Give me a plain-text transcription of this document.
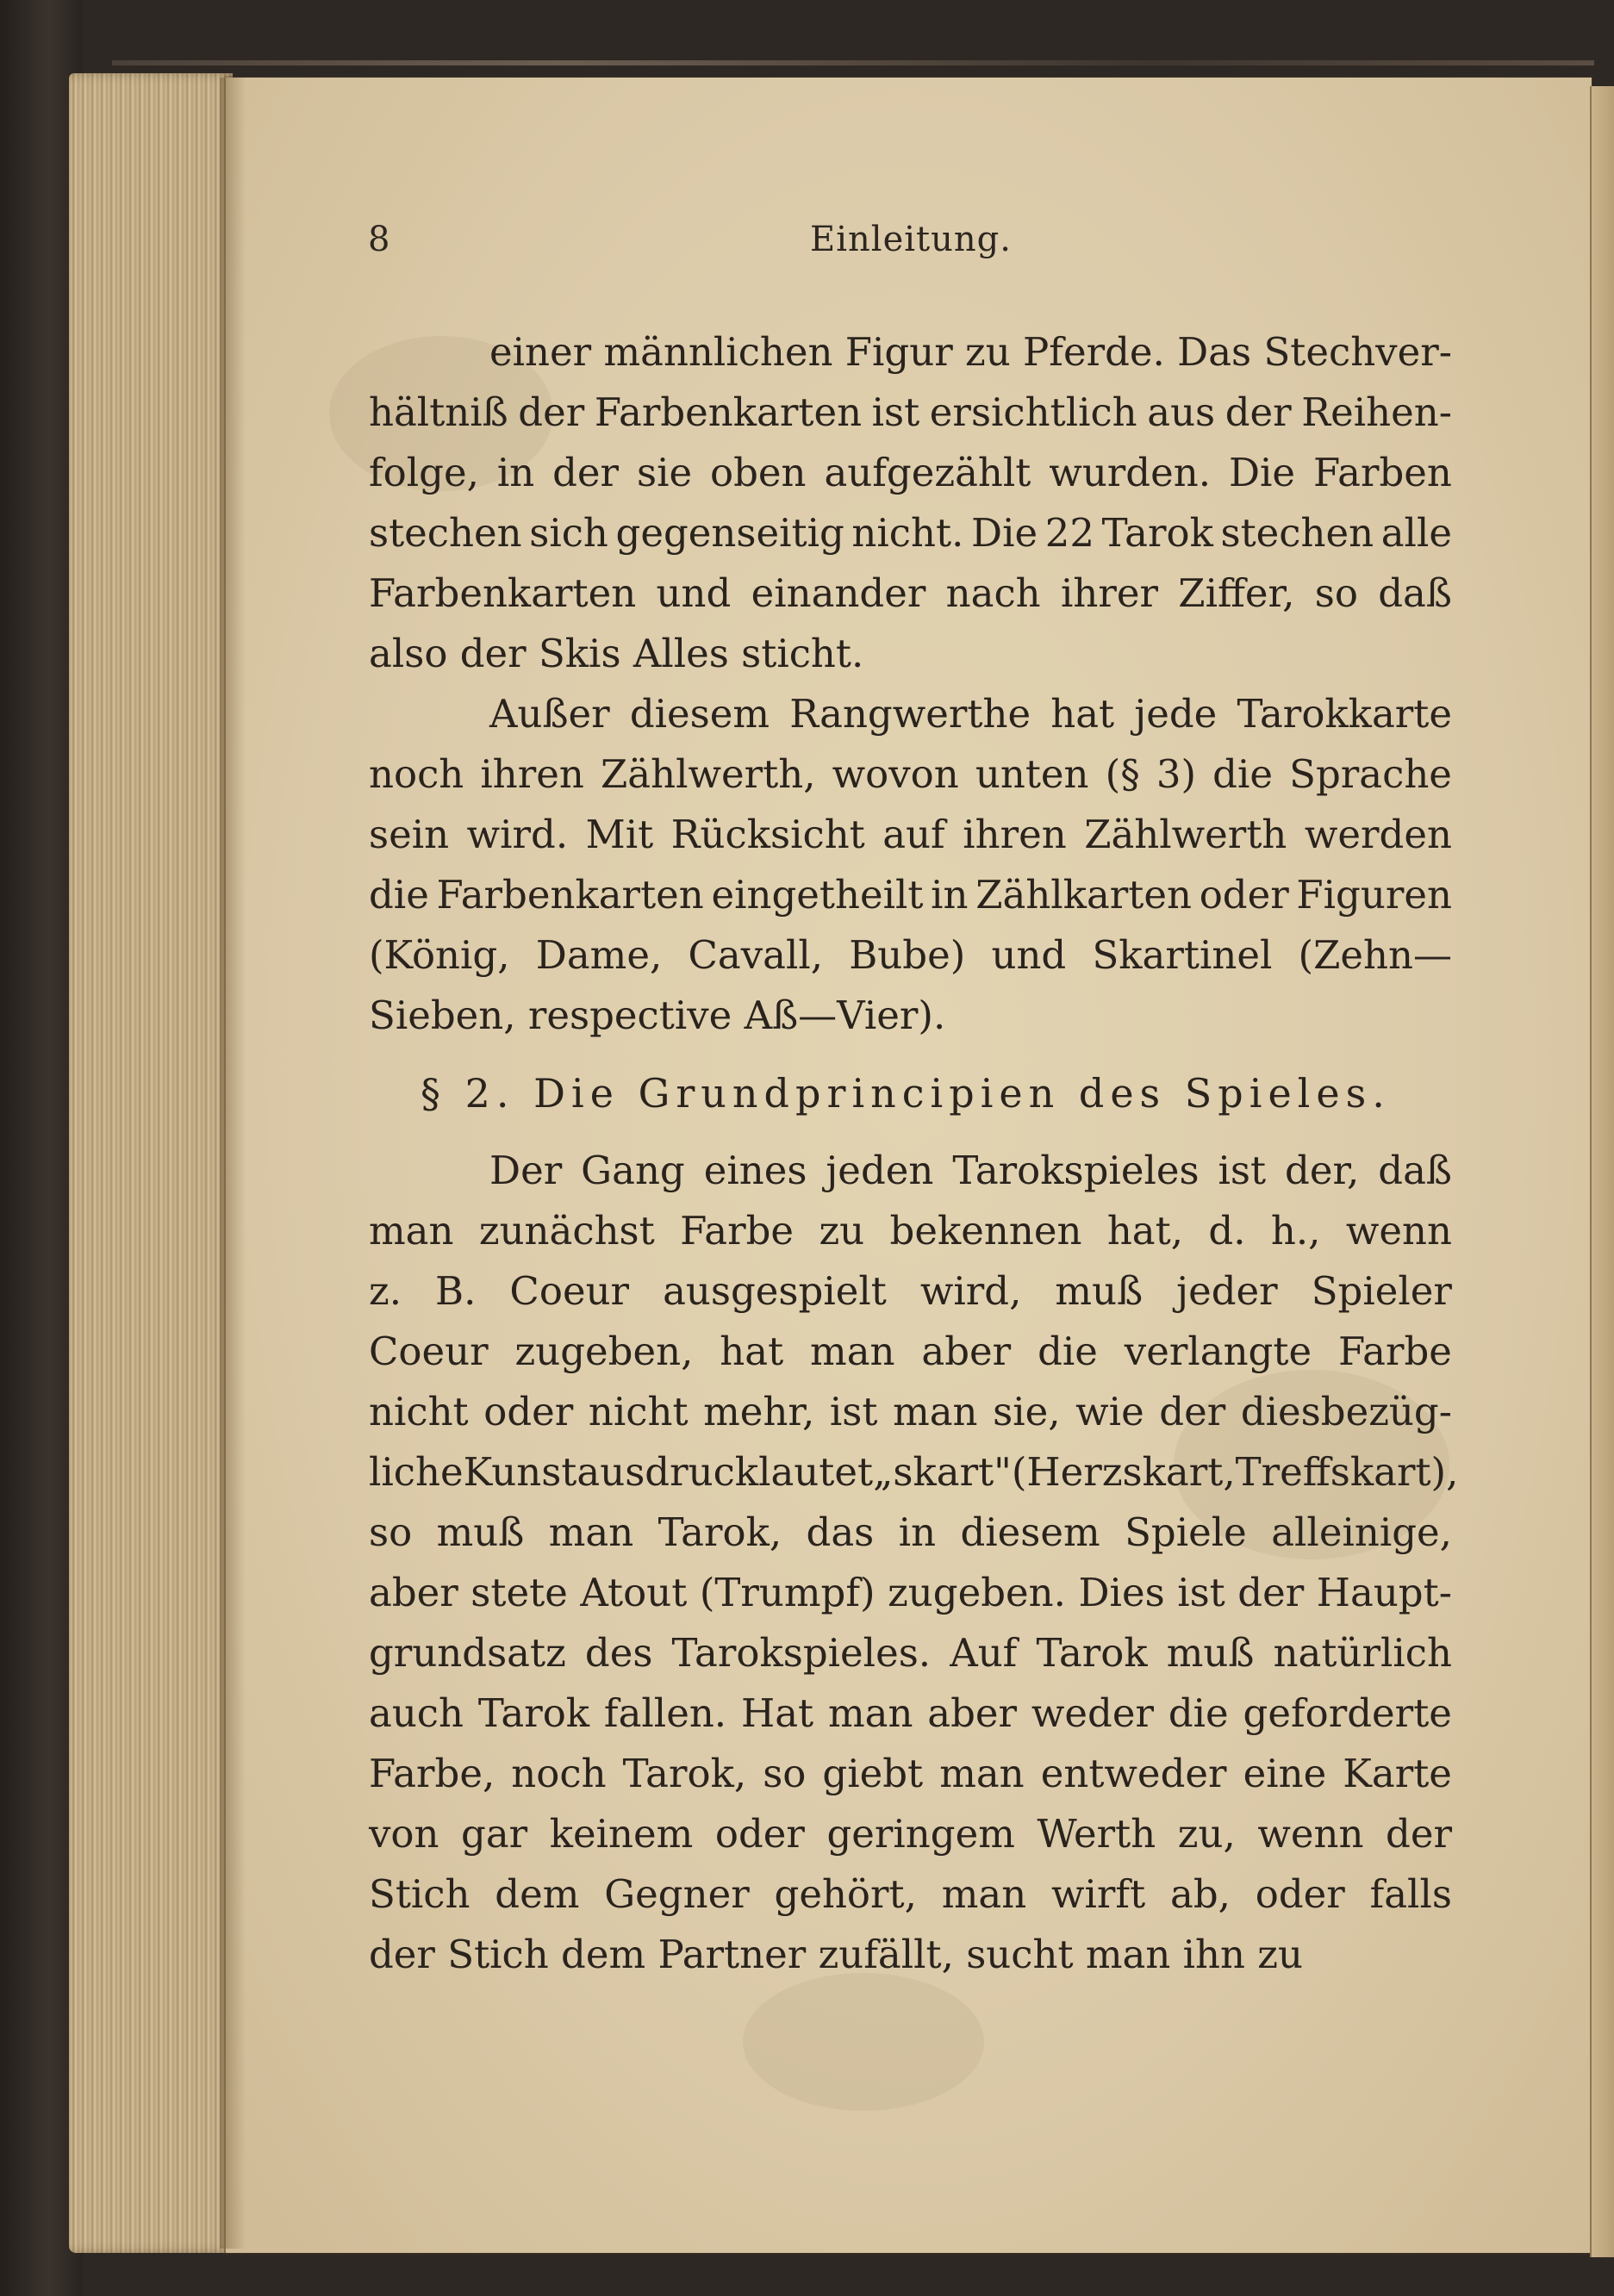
8	Einleitung.
einer männlichen Figur zu Pferde. Das Stechver-
hältniß der Farbenkarten ist ersichtlich aus der Reihen-
folge, in der sie oben aufgezählt wurden. Die Farben
stechen sich gegenseitig nicht. Die 22 Tarok stechen alle
Farbenkarten und einander nach ihrer Ziffer, so daß
also der Skis Alles sticht.
Außer diesem Rangwerthe hat jede Tarokkarte
noch ihren Zählwerth, wovon unten (§ 3) die Sprache
sein wird. Mit Rücksicht auf ihren Zählwerth werden
die Farbenkarten eingetheilt in Zählkarten oder Figuren
(König, Dame, Cavall, Bube) und Skartinel (Zehn—
Sieben, respective Aß—Vier).
§ 2. Die Grundprincipien des Spieles.
Der Gang eines jeden Tarokspieles ist der, daß
man zunächst Farbe zu bekennen hat, d. h., wenn
z. B. Coeur ausgespielt wird, muß jeder Spieler
Coeur zugeben, hat man aber die verlangte Farbe
nicht oder nicht mehr, ist man sie, wie der diesbezüg-
liche Kunstausdruck lautet „skart" (Herz skart, Treff skart),
so muß man Tarok, das in diesem Spiele alleinige,
aber stete Atout (Trumpf) zugeben. Dies ist der Haupt-
grundsatz des Tarokspieles. Auf Tarok muß natürlich
auch Tarok fallen. Hat man aber weder die geforderte
Farbe, noch Tarok, so giebt man entweder eine Karte
von gar keinem oder geringem Werth zu, wenn der
Stich dem Gegner gehört, man wirft ab, oder falls
der Stich dem Partner zufällt, sucht man ihn zu
